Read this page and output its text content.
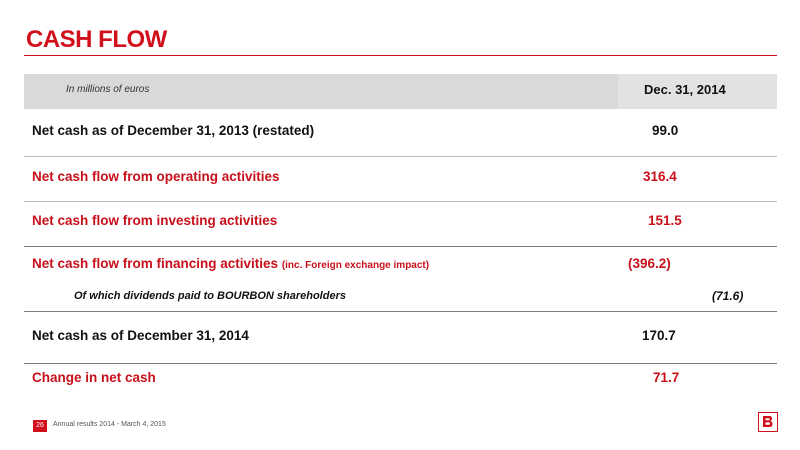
CASH FLOW
In millions of euros	Dec. 31, 2014
Net cash as of December 31, 2013 (restated)	99.0
Net cash flow from operating activities	316.4
Net cash flow from investing activities	151.5
Net cash flow from financing activities (inc. Foreign exchange impact)	(396.2)
Of which dividends paid to BOURBON shareholders	(71.6)
Net cash as of December 31, 2014	170.7
Change in net cash	71.7
26	Annual results 2014 - March 4, 2015
